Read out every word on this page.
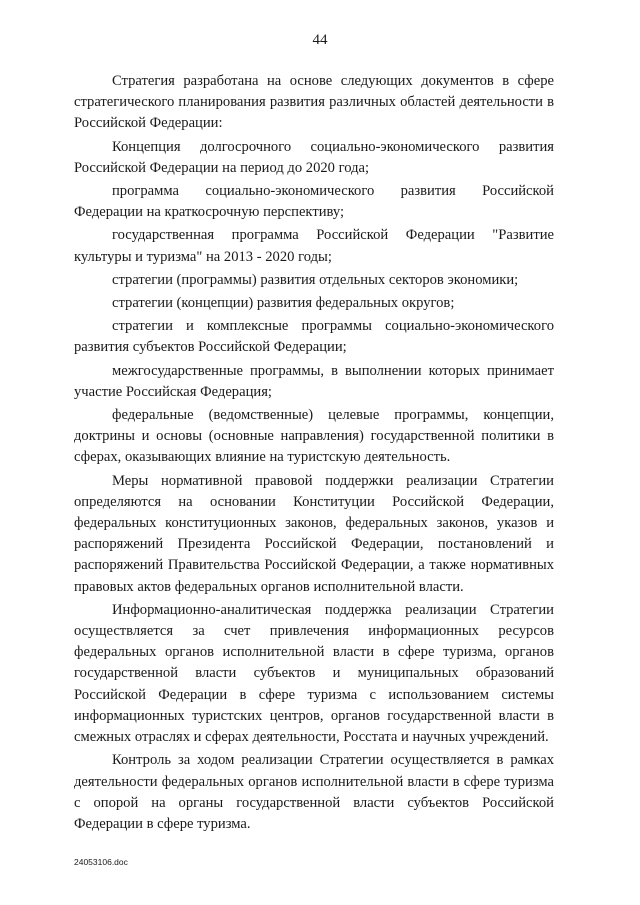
44

Стратегия разработана на основе следующих документов в сфере стратегического планирования развития различных областей деятельности в Российской Федерации:

Концепция долгосрочного социально-экономического развития Российской Федерации на период до 2020 года;

программа социально-экономического развития Российской Федерации на краткосрочную перспективу;

государственная программа Российской Федерации "Развитие культуры и туризма" на 2013 - 2020 годы;

стратегии (программы) развития отдельных секторов экономики;

стратегии (концепции) развития федеральных округов;

стратегии и комплексные программы социально-экономического развития субъектов Российской Федерации;

межгосударственные программы, в выполнении которых принимает участие Российская Федерация;

федеральные (ведомственные) целевые программы, концепции, доктрины и основы (основные направления) государственной политики в сферах, оказывающих влияние на туристскую деятельность.

Меры нормативной правовой поддержки реализации Стратегии определяются на основании Конституции Российской Федерации, федеральных конституционных законов, федеральных законов, указов и распоряжений Президента Российской Федерации, постановлений и распоряжений Правительства Российской Федерации, а также нормативных правовых актов федеральных органов исполнительной власти.

Информационно-аналитическая поддержка реализации Стратегии осуществляется за счет привлечения информационных ресурсов федеральных органов исполнительной власти в сфере туризма, органов государственной власти субъектов и муниципальных образований Российской Федерации в сфере туризма с использованием системы информационных туристских центров, органов государственной власти в смежных отраслях и сферах деятельности, Росстата и научных учреждений.

Контроль за ходом реализации Стратегии осуществляется в рамках деятельности федеральных органов исполнительной власти в сфере туризма с опорой на органы государственной власти субъектов Российской Федерации в сфере туризма.

24053106.doc
